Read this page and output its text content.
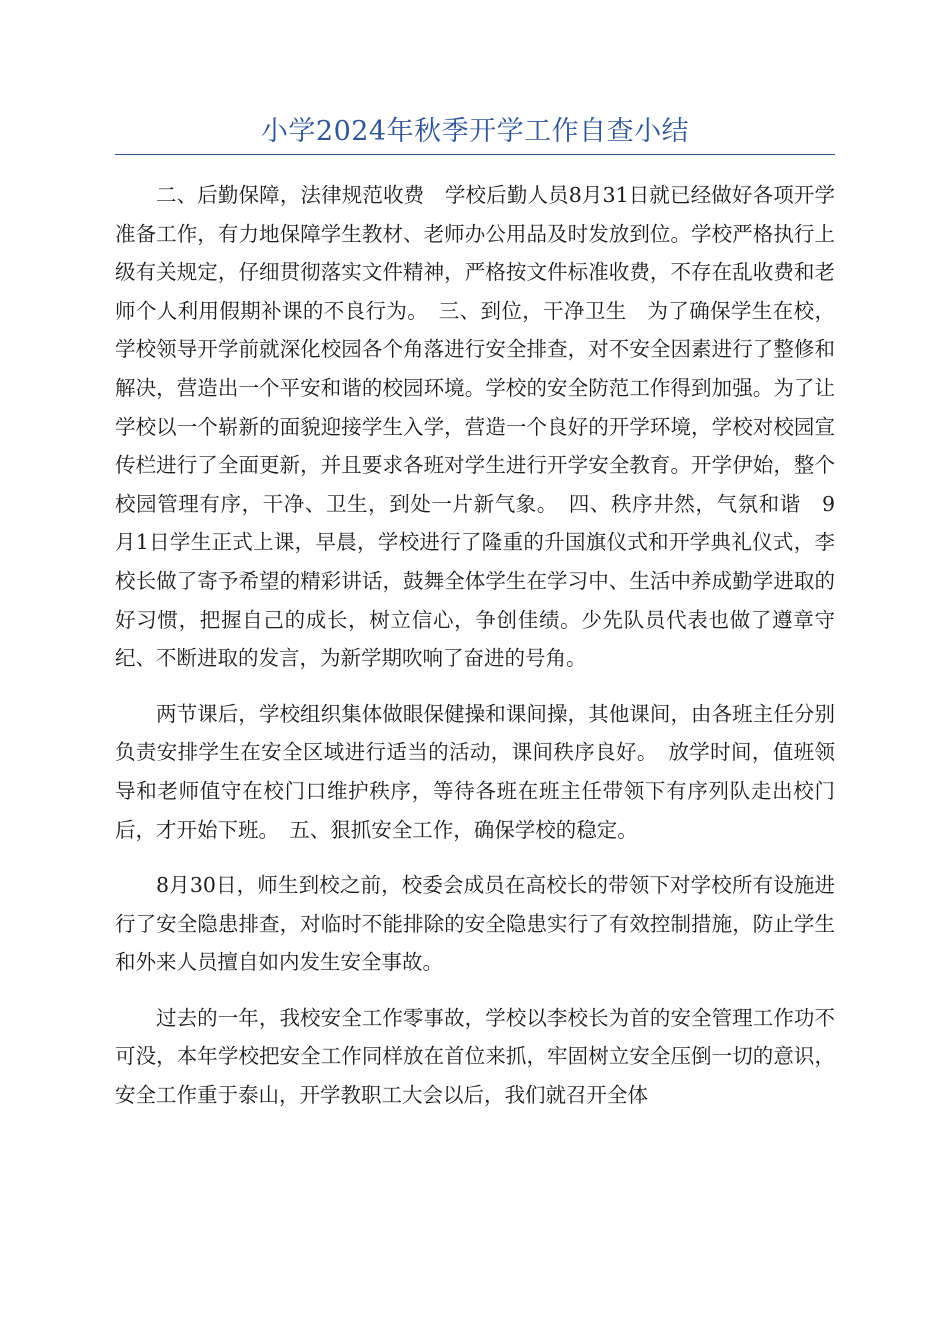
小学2024年秋季开学工作自查小结

二、后勤保障，法律规范收费　学校后勤人员8月31日就已经做好各项开学准备工作，有力地保障学生教材、老师办公用品及时发放到位。学校严格执行上级有关规定，仔细贯彻落实文件精神，严格按文件标准收费，不存在乱收费和老师个人利用假期补课的不良行为。　三、到位，干净卫生　为了确保学生在校，学校领导开学前就深化校园各个角落进行安全排查，对不安全因素进行了整修和解决，营造出一个平安和谐的校园环境。学校的安全防范工作得到加强。为了让学校以一个崭新的面貌迎接学生入学，营造一个良好的开学环境，学校对校园宣传栏进行了全面更新，并且要求各班对学生进行开学安全教育。开学伊始，整个校园管理有序，干净、卫生，到处一片新气象。　四、秩序井然，气氛和谐　9月1日学生正式上课，早晨，学校进行了隆重的升国旗仪式和开学典礼仪式，李校长做了寄予希望的精彩讲话，鼓舞全体学生在学习中、生活中养成勤学进取的好习惯，把握自己的成长，树立信心，争创佳绩。少先队员代表也做了遵章守纪、不断进取的发言，为新学期吹响了奋进的号角。

两节课后，学校组织集体做眼保健操和课间操，其他课间，由各班主任分别负责安排学生在安全区域进行适当的活动，课间秩序良好。　放学时间，值班领导和老师值守在校门口维护秩序，等待各班在班主任带领下有序列队走出校门后，才开始下班。　五、狠抓安全工作，确保学校的稳定。

8月30日，师生到校之前，校委会成员在高校长的带领下对学校所有设施进行了安全隐患排查，对临时不能排除的安全隐患实行了有效控制措施，防止学生和外来人员擅自如内发生安全事故。

过去的一年，我校安全工作零事故，学校以李校长为首的安全管理工作功不可没，本年学校把安全工作同样放在首位来抓，牢固树立安全压倒一切的意识，安全工作重于泰山，开学教职工大会以后，我们就召开全体
